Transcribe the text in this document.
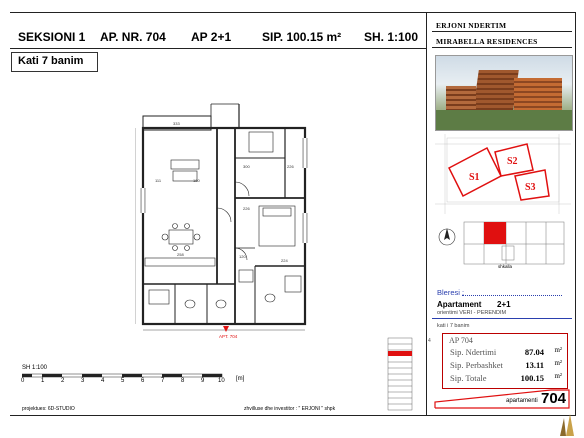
SEKSIONI 1 AP. NR. 704 AP 2+1	SIP. 100.15 m² SH. 1:100
Kati 7 banim
333
111	180
300	226
226
258	120
224
APT. 704
SH 1:100
0	1	2	3	4	5	6	7	8	9 10 [m]
projektues: 6D-STUDIO	zhvilluse dhe investitor : " ERJONI " shpk
ERJONI NDERTIM
MIRABELLA RESIDENCES
S1
S2
S3
shkalla
Bleresi :
Apartament 2+1
orientimi VERI - PERENDIM
kati i 7 banim
4 AP 704
Sip. Ndertimi	87.04 m²
Sip. Perbashket	13.11 m²
Sip. Totale	100.15 m²
apartamenti 704
